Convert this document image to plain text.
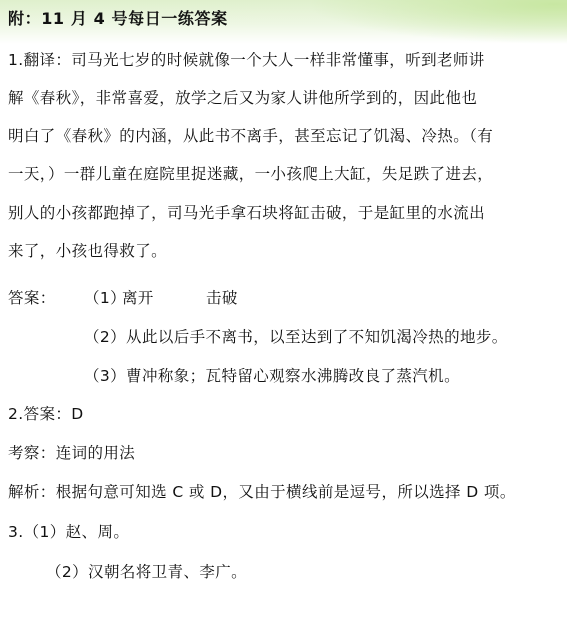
附：11 月 4 号每日一练答案
1.翻译：司马光七岁的时候就像一个大人一样非常懂事，听到老师讲
解《春秋》，非常喜爱，放学之后又为家人讲他所学到的，因此他也
明白了《春秋》的内涵，从此书不离手，甚至忘记了饥渴、冷热。（有
一天，）一群儿童在庭院里捉迷藏，一小孩爬上大缸，失足跌了进去，
别人的小孩都跑掉了，司马光手拿石块将缸击破，于是缸里的水流出
来了，小孩也得救了。
答案： （1）
离开	击破
（2）从此以后手不离书，以至达到了不知饥渴冷热的地步。
（3）曹冲称象；瓦特留心观察水沸腾改良了蒸汽机。
2.答案：D
考察：连词的用法
解析：根据句意可知选 C 或 D，又由于横线前是逗号，所以选择 D 项。
3.（1）赵、周。
（2）汉朝名将卫青、李广。
